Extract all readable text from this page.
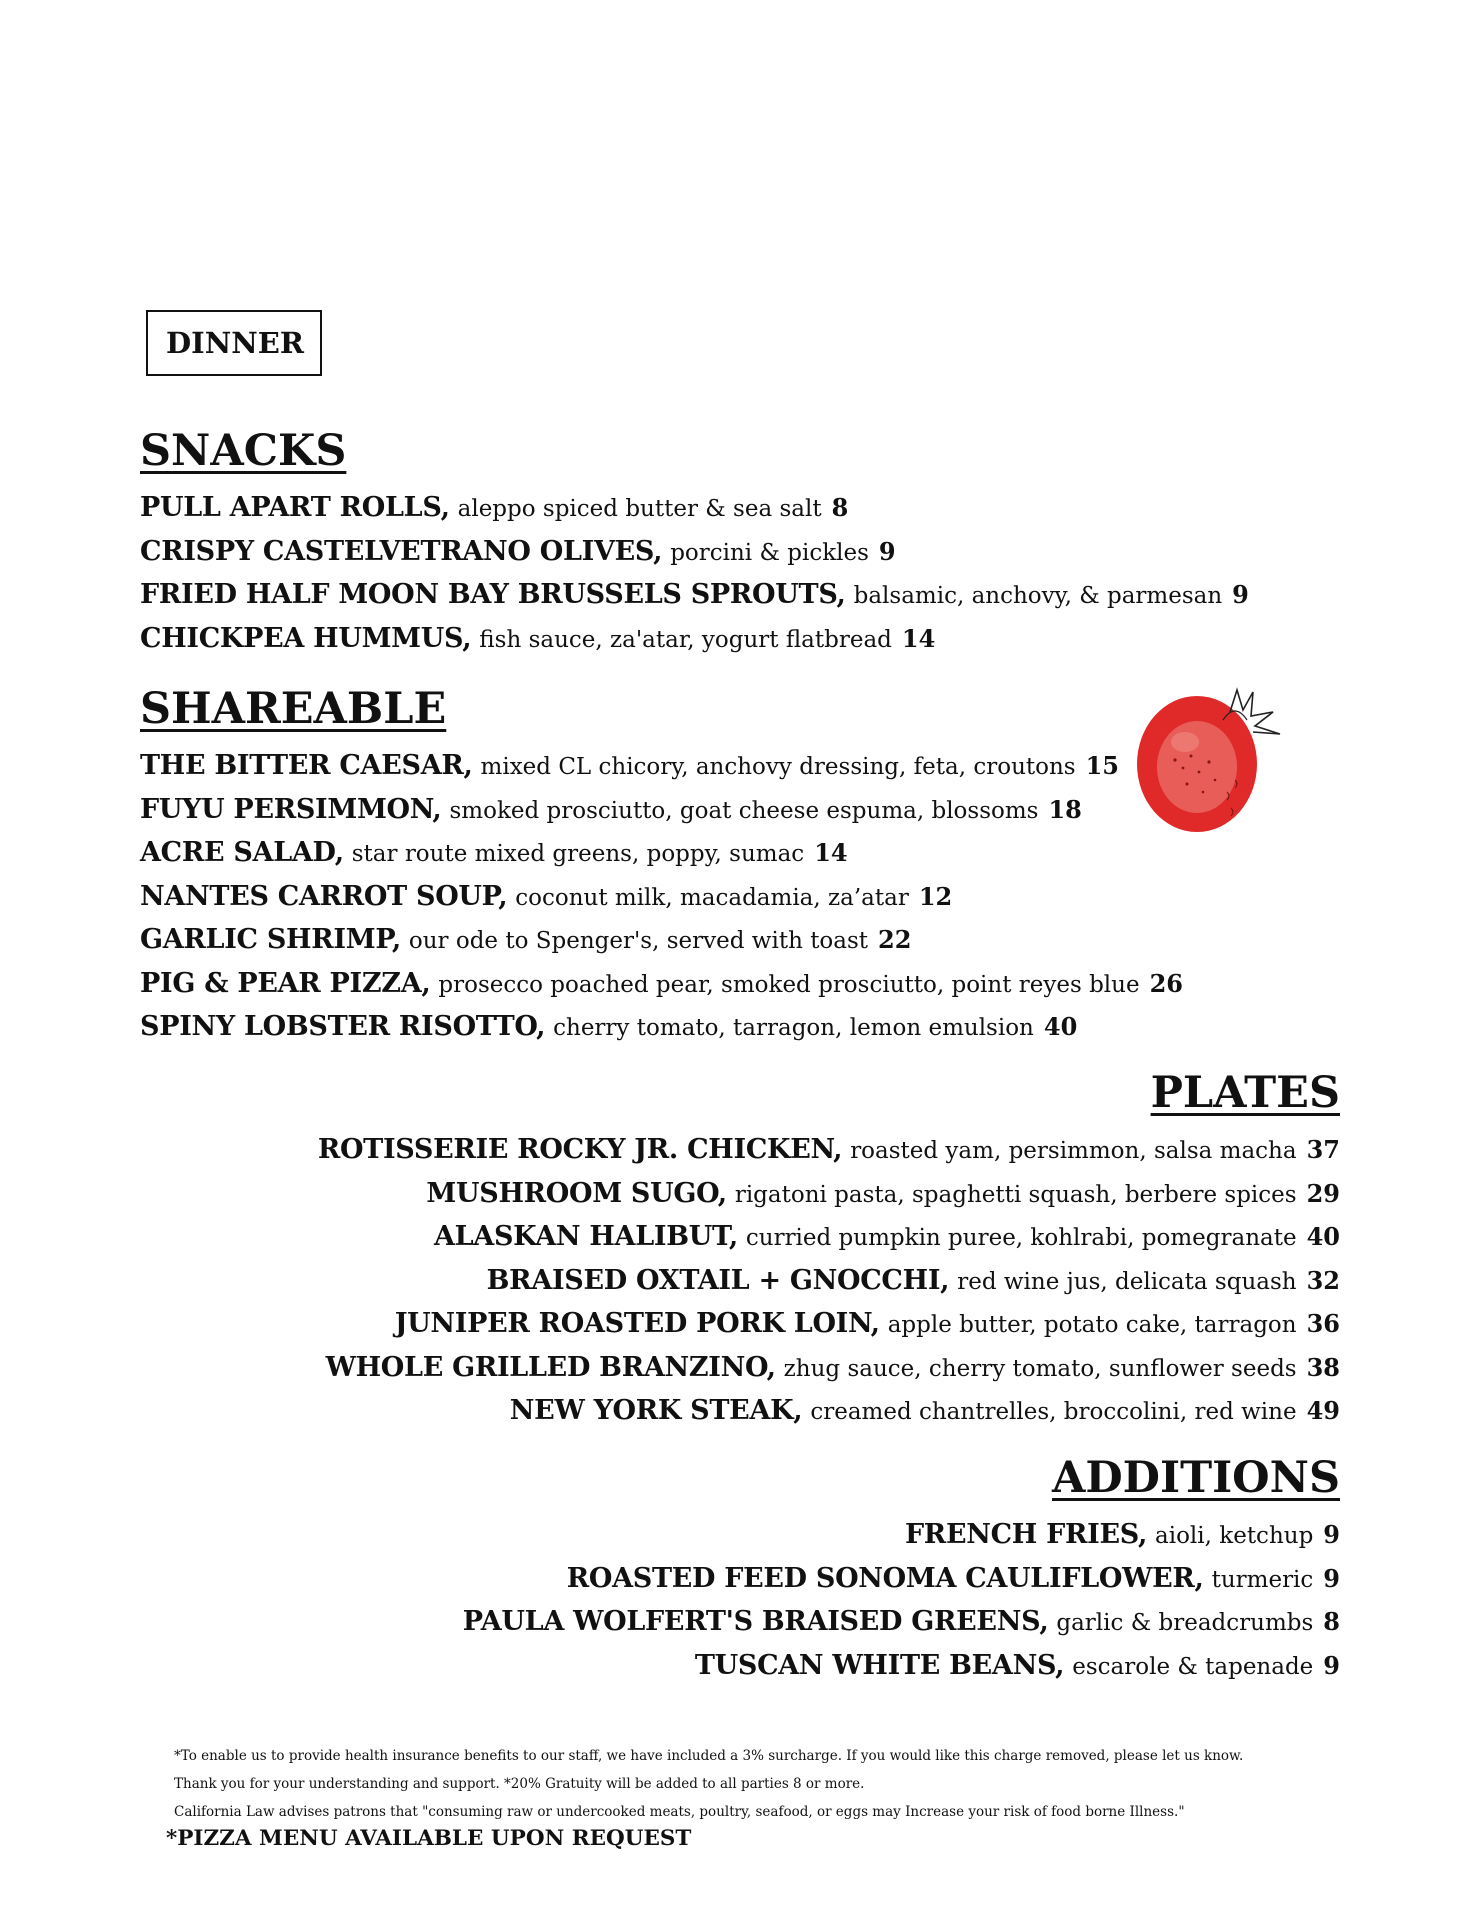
DINNER
SNACKS
PULL APART ROLLS, aleppo spiced butter & sea salt 8
CRISPY CASTELVETRANO OLIVES, porcini & pickles 9
FRIED HALF MOON BAY BRUSSELS SPROUTS, balsamic, anchovy, & parmesan 9
CHICKPEA HUMMUS, fish sauce, za'atar, yogurt flatbread 14
SHAREABLE
THE BITTER CAESAR, mixed CL chicory, anchovy dressing, feta, croutons 15
FUYU PERSIMMON, smoked prosciutto, goat cheese espuma, blossoms 18
ACRE SALAD, star route mixed greens, poppy, sumac 14
NANTES CARROT SOUP, coconut milk, macadamia, za’atar 12
GARLIC SHRIMP, our ode to Spenger's, served with toast 22
PIG & PEAR PIZZA, prosecco poached pear, smoked prosciutto, point reyes blue 26
SPINY LOBSTER RISOTTO, cherry tomato, tarragon, lemon emulsion 40
PLATES
ROTISSERIE ROCKY JR. CHICKEN, roasted yam, persimmon, salsa macha 37
MUSHROOM SUGO, rigatoni pasta, spaghetti squash, berbere spices 29
ALASKAN HALIBUT, curried pumpkin puree, kohlrabi, pomegranate 40
BRAISED OXTAIL + GNOCCHI, red wine jus, delicata squash 32
JUNIPER ROASTED PORK LOIN, apple butter, potato cake, tarragon 36
WHOLE GRILLED BRANZINO, zhug sauce, cherry tomato, sunflower seeds 38
NEW YORK STEAK, creamed chantrelles, broccolini, red wine 49
ADDITIONS
FRENCH FRIES, aioli, ketchup 9
ROASTED FEED SONOMA CAULIFLOWER, turmeric 9
PAULA WOLFERT'S BRAISED GREENS, garlic & breadcrumbs 8
TUSCAN WHITE BEANS, escarole & tapenade 9
*To enable us to provide health insurance benefits to our staff, we have included a 3% surcharge. If you would like this charge removed, please let us know.
Thank you for your understanding and support. *20% Gratuity will be added to all parties 8 or more.
California Law advises patrons that "consuming raw or undercooked meats, poultry, seafood, or eggs may Increase your risk of food borne Illness."
*PIZZA MENU AVAILABLE UPON REQUEST
